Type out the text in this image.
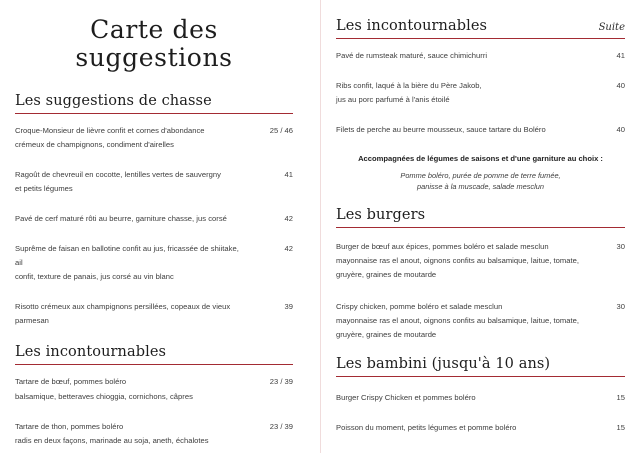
Carte des suggestions
Les suggestions de chasse
Croque-Monsieur de lièvre confit et cornes d'abondance
crémeux de champignons, condiment d'airelles
25 / 46
Ragoût de chevreuil en cocotte, lentilles vertes de sauvergny
et petits légumes
41
Pavé de cerf maturé rôti au beurre, garniture chasse, jus corsé	42
Suprême de faisan en ballotine confit au jus, fricassée de shiitake, ail
confit, texture de panais, jus corsé au vin blanc
42
Risotto crémeux aux champignons persillées, copeaux de vieux
parmesan
39
Les incontournables
Tartare de bœuf, pommes boléro
balsamique, betteraves chioggia, cornichons, câpres
23 / 39
Tartare de thon, pommes boléro
radis en deux façons, marinade au soja, aneth, échalotes
23 / 39
Les incontournables	Suite
Pavé de rumsteak maturé, sauce chimichurri	41
Ribs confit, laqué à la bière du Père Jakob,
jus au porc parfumé à l'anis étoilé
40
Filets de perche au beurre mousseux, sauce tartare du Boléro	40
Accompagnées de légumes de saisons et d'une garniture au choix :
Pomme boléro, purée de pomme de terre fumée,
panisse à la muscade, salade mesclun
Les burgers
Burger de bœuf aux épices, pommes boléro et salade mesclun
mayonnaise ras el anout, oignons confits au balsamique, laitue, tomate, gruyère, graines de moutarde
30
Crispy chicken, pomme boléro et salade mesclun
mayonnaise ras el anout, oignons confits au balsamique, laitue, tomate, gruyère, graines de moutarde
30
Les bambini (jusqu'à 10 ans)
Burger Crispy Chicken et pommes boléro	15
Poisson du moment, petits légumes et pomme boléro	15
